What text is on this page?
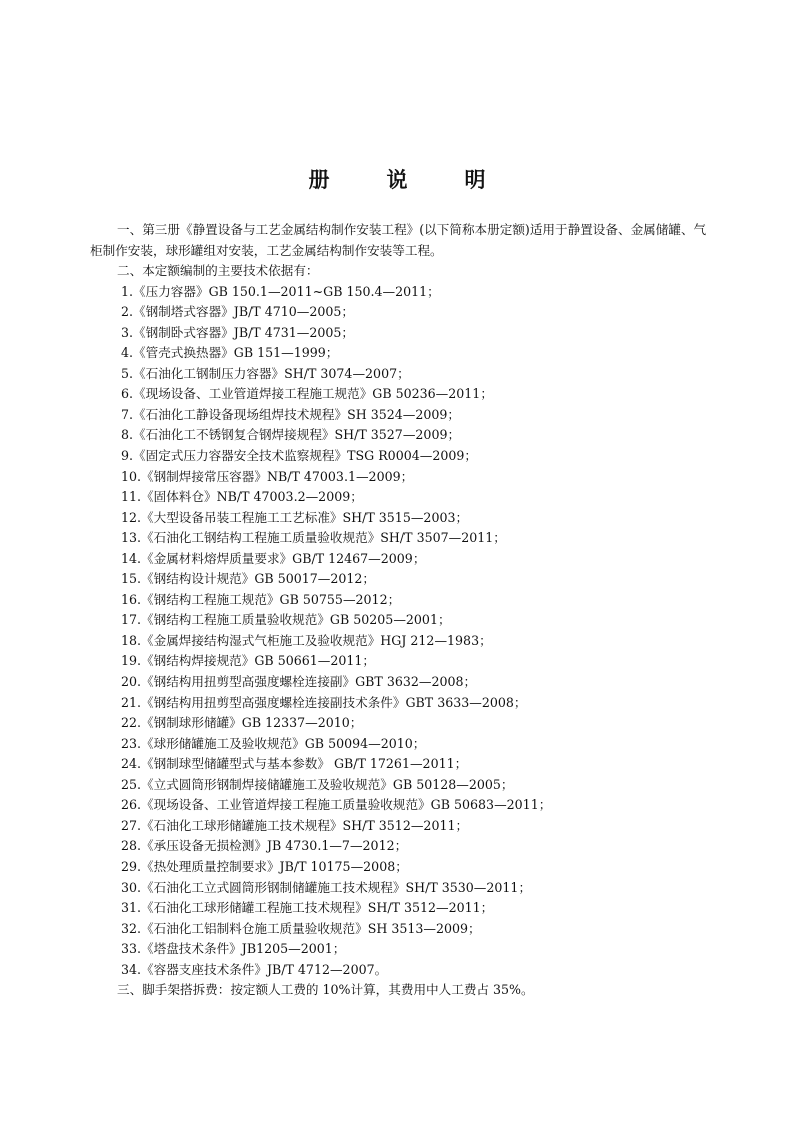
册　说　明

一、第三册《静置设备与工艺金属结构制作安装工程》(以下简称本册定额)适用于静置设备、金属储罐、气柜制作安装，球形罐组对安装，工艺金属结构制作安装等工程。

二、本定额编制的主要技术依据有：

1.《压力容器》GB 150.1—2011~GB 150.4—2011；
2.《钢制塔式容器》JB/T 4710—2005；
3.《钢制卧式容器》JB/T 4731—2005；
4.《管壳式换热器》GB 151—1999；
5.《石油化工钢制压力容器》SH/T 3074—2007；
6.《现场设备、工业管道焊接工程施工规范》GB 50236—2011；
7.《石油化工静设备现场组焊技术规程》SH 3524—2009；
8.《石油化工不锈钢复合钢焊接规程》SH/T 3527—2009；
9.《固定式压力容器安全技术监察规程》TSG R0004—2009；
10.《钢制焊接常压容器》NB/T 47003.1—2009；
11.《固体料仓》NB/T 47003.2—2009；
12.《大型设备吊装工程施工工艺标准》SH/T 3515—2003；
13.《石油化工钢结构工程施工质量验收规范》SH/T 3507—2011；
14.《金属材料熔焊质量要求》GB/T 12467—2009；
15.《钢结构设计规范》GB 50017—2012；
16.《钢结构工程施工规范》GB 50755—2012；
17.《钢结构工程施工质量验收规范》GB 50205—2001；
18.《金属焊接结构湿式气柜施工及验收规范》HGJ 212—1983；
19.《钢结构焊接规范》GB 50661—2011；
20.《钢结构用扭剪型高强度螺栓连接副》GBT 3632—2008；
21.《钢结构用扭剪型高强度螺栓连接副技术条件》GBT 3633—2008；
22.《钢制球形储罐》GB 12337—2010；
23.《球形储罐施工及验收规范》GB 50094—2010；
24.《钢制球型储罐型式与基本参数》 GB/T 17261—2011；
25.《立式圆筒形钢制焊接储罐施工及验收规范》GB 50128—2005；
26.《现场设备、工业管道焊接工程施工质量验收规范》GB 50683—2011；
27.《石油化工球形储罐施工技术规程》SH/T 3512—2011；
28.《承压设备无损检测》JB 4730.1—7—2012；
29.《热处理质量控制要求》JB/T 10175—2008；
30.《石油化工立式圆筒形钢制储罐施工技术规程》SH/T 3530—2011；
31.《石油化工球形储罐工程施工技术规程》SH/T 3512—2011；
32.《石油化工铝制料仓施工质量验收规范》SH 3513—2009；
33.《塔盘技术条件》JB1205—2001；
34.《容器支座技术条件》JB/T 4712—2007。

三、脚手架搭拆费：按定额人工费的 10%计算，其费用中人工费占 35%。
